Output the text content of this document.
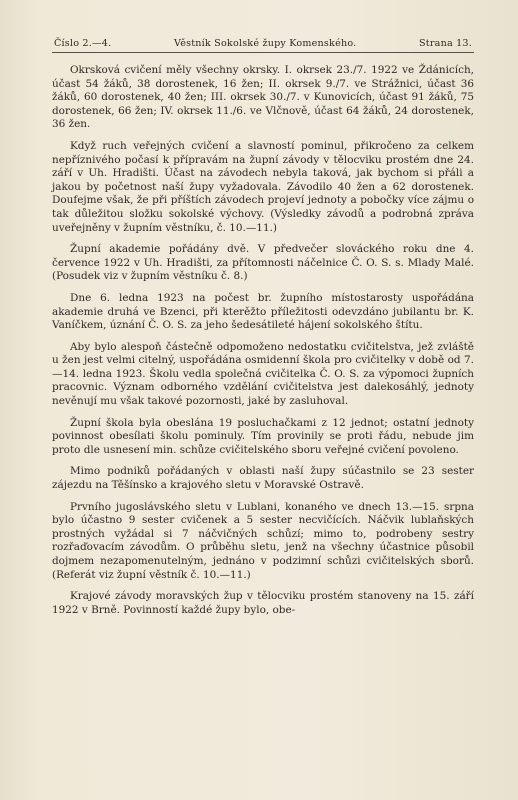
Číslo 2.—4.	Věstník Sokolské župy Komenského.	Strana 13.

Okrsková cvičení měly všechny okrsky. I. okrsek 23./7. 1922 ve Ždánicích, účast 54 žáků, 38 dorostenek, 16 žen; II. okrsek 9./7. ve Strážnici, účast 36 žáků, 60 dorostenek, 40 žen; III. okrsek 30./7. v Kunovicích, účast 91 žáků, 75 dorostenek, 66 žen; IV. okrsek 11./6. ve Vlčnově, účast 64 žáků, 24 dorostenek, 36 žen.

Když ruch veřejných cvičení a slavností pominul, přikročeno za celkem nepříznivého počasí k přípravám na župní závody v tělocviku prostém dne 24. září v Uh. Hradišti. Účast na závodech nebyla taková, jak bychom si přáli a jakou by početnost naší župy vyžadovala. Závodilo 40 žen a 62 dorostenek. Doufejme však, že při příštích závodech projeví jednoty a pobočky více zájmu o tak důležitou složku sokolské výchovy. (Výsledky závodů a podrobná zpráva uveřejněny v župním věstníku, č. 10.—11.)

Župní akademie pořádány dvě. V předvečer slováckého roku dne 4. července 1922 v Uh. Hradišti, za přítomnosti náčelnice Č. O. S. s. Mlady Malé. (Posudek viz v župním věstníku č. 8.)

Dne 6. ledna 1923 na počest br. župního místostarosty uspořádána akademie druhá ve Bzenci, při kterěžto příležitosti odevzdáno jubilantu br. K. Vaníčkem, úznání Č. O. S. za jeho šedesátileté hájení sokolského štítu.

Aby bylo alespoň částečně odpomoženo nedostatku cvičitelstva, jež zvláště u žen jest velmi citelný, uspořádána osmidenní škola pro cvičitelky v době od 7.—14. ledna 1923. Školu vedla společná cvičitelka Č. O. S. za výpomoci župních pracovnic. Význam odborného vzdělání cvičitelstva jest dalekosáhlý, jednoty nevěnují mu však takové pozornosti, jaké by zasluhoval.

Župní škola byla obeslána 19 posluchačkami z 12 jednot; ostatní jednoty povinnost obesílati školu pominuly. Tím provinily se proti řádu, nebude jim proto dle usnesení min. schůze cvičitelského sboru veřejné cvičení povoleno.

Mimo podniků pořádaných v oblasti naší župy súčastnilo se 23 sester zájezdu na Těšínsko a krajového sletu v Moravské Ostravě.

Prvního jugoslávského sletu v Lublani, konaného ve dnech 13.—15. srpna bylo účastno 9 sester cvičenek a 5 sester necvičících. Náčvik lublaňských prostných vyžádal si 7 náčvičných schůzí; mimo to, podrobeny sestry rozřaďovacím závodům. O průběhu sletu, jenž na všechny účastnice působil dojmem nezapomenutelným, jednáno v podzimní schůzi cvičitelských sborů. (Referát viz župní věstník č. 10.—11.)

Krajové závody moravských žup v tělocviku prostém stanoveny na 15. září 1922 v Brně. Povinností každé župy bylo, obe-
